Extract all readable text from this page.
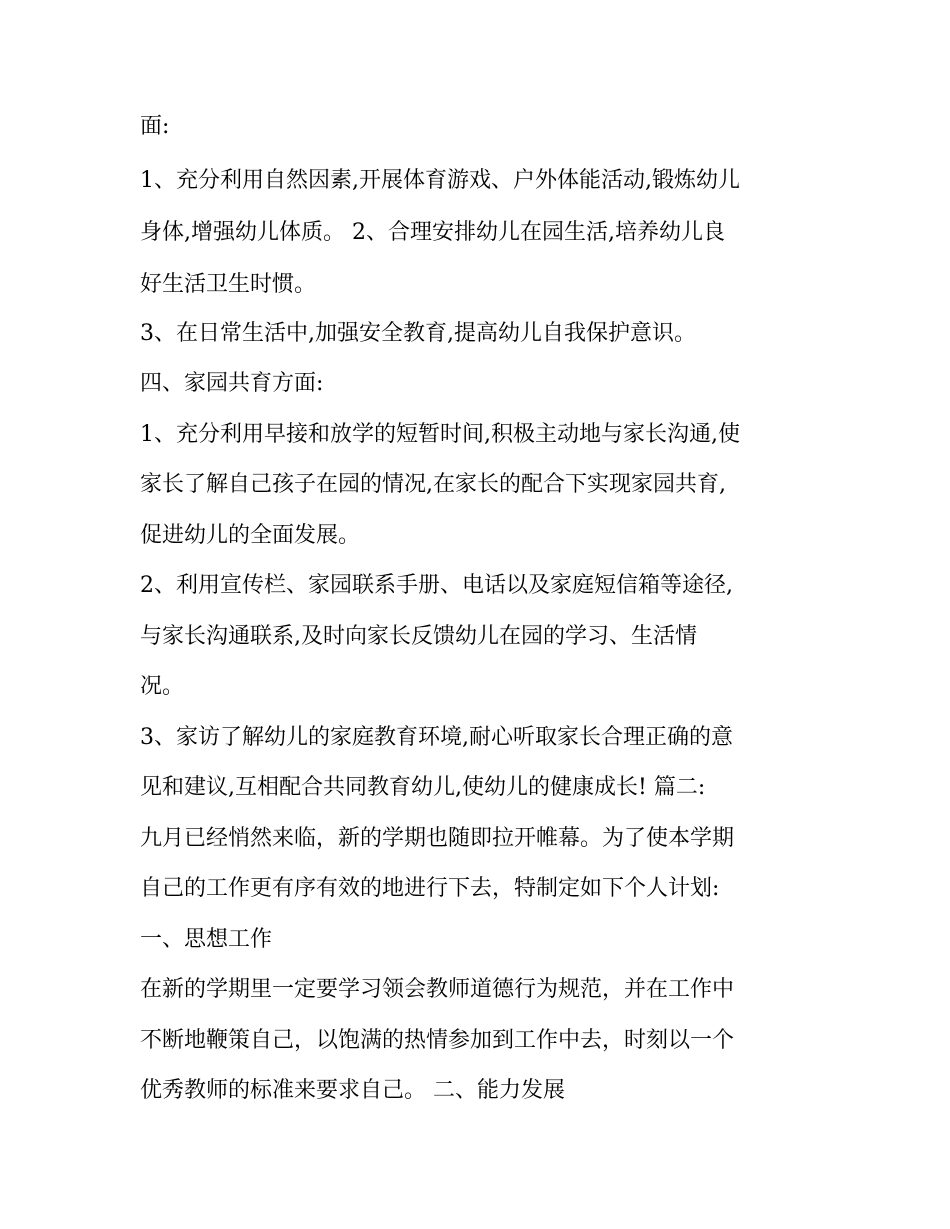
面:
1、充分利用自然因素,开展体育游戏、户外体能活动,锻炼幼儿
身体,增强幼儿体质。 2、合理安排幼儿在园生活,培养幼儿良
好生活卫生时惯。
3、在日常生活中,加强安全教育,提高幼儿自我保护意识。
四、家园共育方面:
1、充分利用早接和放学的短暂时间,积极主动地与家长沟通,使
家长了解自己孩子在园的情况,在家长的配合下实现家园共育,
促进幼儿的全面发展。
2、利用宣传栏、家园联系手册、电话以及家庭短信箱等途径,
与家长沟通联系,及时向家长反馈幼儿在园的学习、生活情
况。
3、家访了解幼儿的家庭教育环境,耐心听取家长合理正确的意
见和建议,互相配合共同教育幼儿,使幼儿的健康成长! 篇二:
九月已经悄然来临，新的学期也随即拉开帷幕。为了使本学期
自己的工作更有序有效的地进行下去，特制定如下个人计划:
一、思想工作
在新的学期里一定要学习领会教师道德行为规范，并在工作中
不断地鞭策自己，以饱满的热情参加到工作中去，时刻以一个
优秀教师的标准来要求自己。 二、能力发展
